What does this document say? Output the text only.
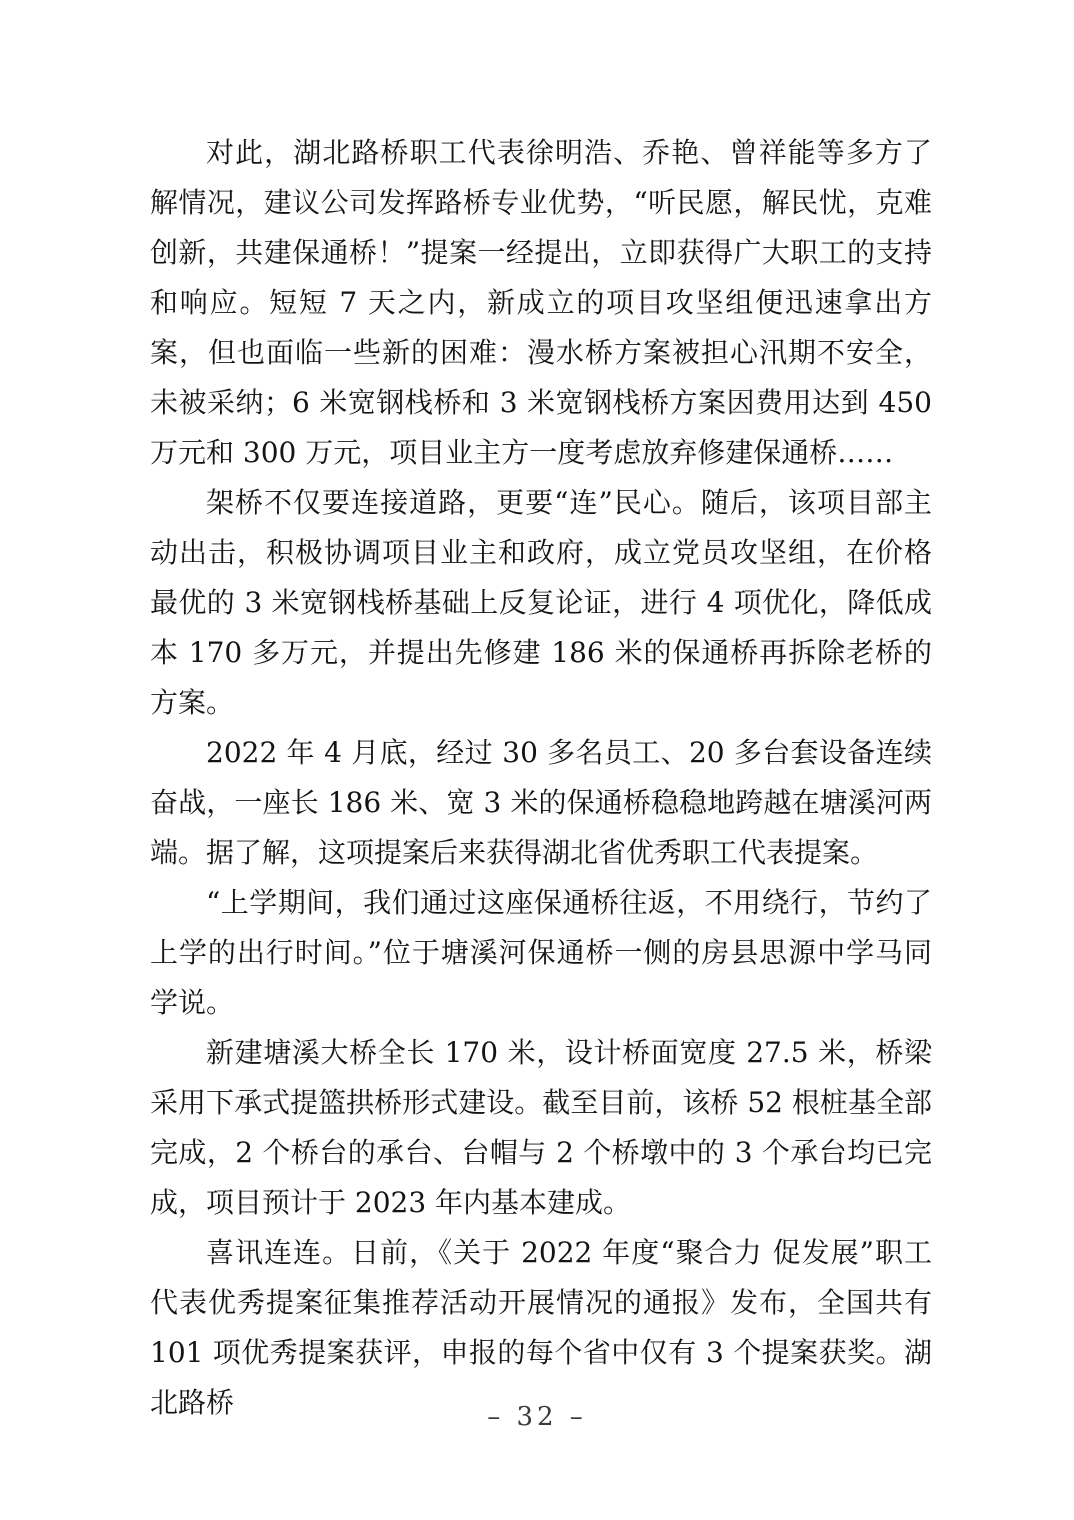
对此，湖北路桥职工代表徐明浩、乔艳、曾祥能等多方了解情况，建议公司发挥路桥专业优势，“听民愿，解民忧，克难创新，共建保通桥！”提案一经提出，立即获得广大职工的支持和响应。短短 7 天之内，新成立的项目攻坚组便迅速拿出方案，但也面临一些新的困难：漫水桥方案被担心汛期不安全，未被采纳；6 米宽钢栈桥和 3 米宽钢栈桥方案因费用达到 450 万元和 300 万元，项目业主方一度考虑放弃修建保通桥……

架桥不仅要连接道路，更要“连”民心。随后，该项目部主动出击，积极协调项目业主和政府，成立党员攻坚组，在价格最优的 3 米宽钢栈桥基础上反复论证，进行 4 项优化，降低成本 170 多万元，并提出先修建 186 米的保通桥再拆除老桥的方案。

2022 年 4 月底，经过 30 多名员工、20 多台套设备连续奋战，一座长 186 米、宽 3 米的保通桥稳稳地跨越在塘溪河两端。据了解，这项提案后来获得湖北省优秀职工代表提案。

“上学期间，我们通过这座保通桥往返，不用绕行，节约了上学的出行时间。”位于塘溪河保通桥一侧的房县思源中学马同学说。

新建塘溪大桥全长 170 米，设计桥面宽度 27.5 米，桥梁采用下承式提篮拱桥形式建设。截至目前，该桥 52 根桩基全部完成，2 个桥台的承台、台帽与 2 个桥墩中的 3 个承台均已完成，项目预计于 2023 年内基本建成。

喜讯连连。日前，《关于 2022 年度“聚合力 促发展”职工代表优秀提案征集推荐活动开展情况的通报》发布，全国共有 101 项优秀提案获评，申报的每个省中仅有 3 个提案获奖。湖北路桥	– 32 –
